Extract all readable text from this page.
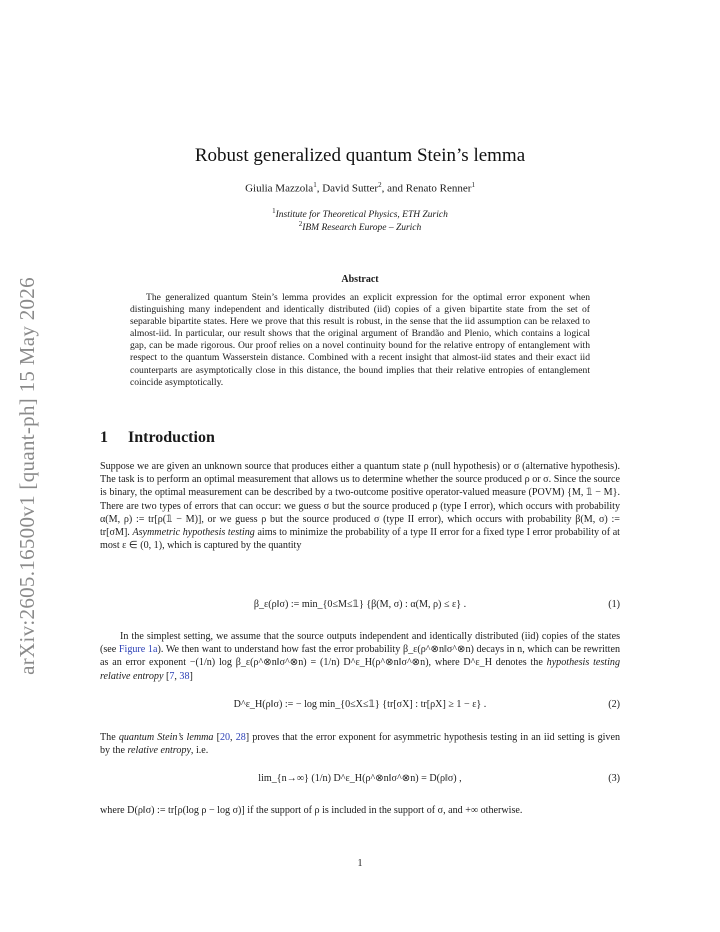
arXiv:2605.16500v1 [quant-ph] 15 May 2026
Robust generalized quantum Stein’s lemma
Giulia Mazzola$^1$, David Sutter$^2$, and Renato Renner$^1$
$^1$Institute for Theoretical Physics, ETH Zurich
$^2$IBM Research Europe – Zurich
Abstract
The generalized quantum Stein’s lemma provides an explicit expression for the optimal error exponent when distinguishing many independent and identically distributed (iid) copies of a given bipartite state from the set of separable bipartite states. Here we prove that this result is robust, in the sense that the iid assumption can be relaxed to almost-iid. In particular, our result shows that the original argument of Brandão and Plenio, which contains a logical gap, can be made rigorous. Our proof relies on a novel continuity bound for the relative entropy of entanglement with respect to the quantum Wasserstein distance. Combined with a recent insight that almost-iid states and their exact iid counterparts are asymptotically close in this distance, the bound implies that their relative entropies of entanglement coincide asymptotically.
1 Introduction
Suppose we are given an unknown source that produces either a quantum state ρ (null hypothesis) or σ (alternative hypothesis). The task is to perform an optimal measurement that allows us to determine whether the source produced ρ or σ. Since the source is binary, the optimal measurement can be described by a two-outcome positive operator-valued measure (POVM) {M, 𝟙 − M}. There are two types of errors that can occur: we guess σ but the source produced ρ (type I error), which occurs with probability α(M, ρ) := tr[ρ(𝟙 − M)], or we guess ρ but the source produced σ (type II error), which occurs with probability β(M, σ) := tr[σM]. Asymmetric hypothesis testing aims to minimize the probability of a type II error for a fixed type I error probability of at most ε ∈ (0, 1), which is captured by the quantity
β_ε(ρ‖σ) := min_{0≤M≤𝟙} {β(M, σ) : α(M, ρ) ≤ ε} .	(1)
In the simplest setting, we assume that the source outputs independent and identically distributed (iid) copies of the states (see Figure 1a). We then want to understand how fast the error probability β_ε(ρ^⊗n‖σ^⊗n) decays in n, which can be rewritten as an error exponent −(1/n) log β_ε(ρ^⊗n‖σ^⊗n) = (1/n) D^ε_H(ρ^⊗n‖σ^⊗n), where D^ε_H denotes the hypothesis testing relative entropy [7, 38]
D^ε_H(ρ‖σ) := − log min_{0≤X≤𝟙} {tr[σX] : tr[ρX] ≥ 1 − ε} .	(2)
The quantum Stein’s lemma [20, 28] proves that the error exponent for asymmetric hypothesis testing in an iid setting is given by the relative entropy, i.e.
lim_{n→∞} (1/n) D^ε_H(ρ^⊗n‖σ^⊗n) = D(ρ‖σ) ,	(3)
where D(ρ‖σ) := tr[ρ(log ρ − log σ)] if the support of ρ is included in the support of σ, and +∞ otherwise.
1
